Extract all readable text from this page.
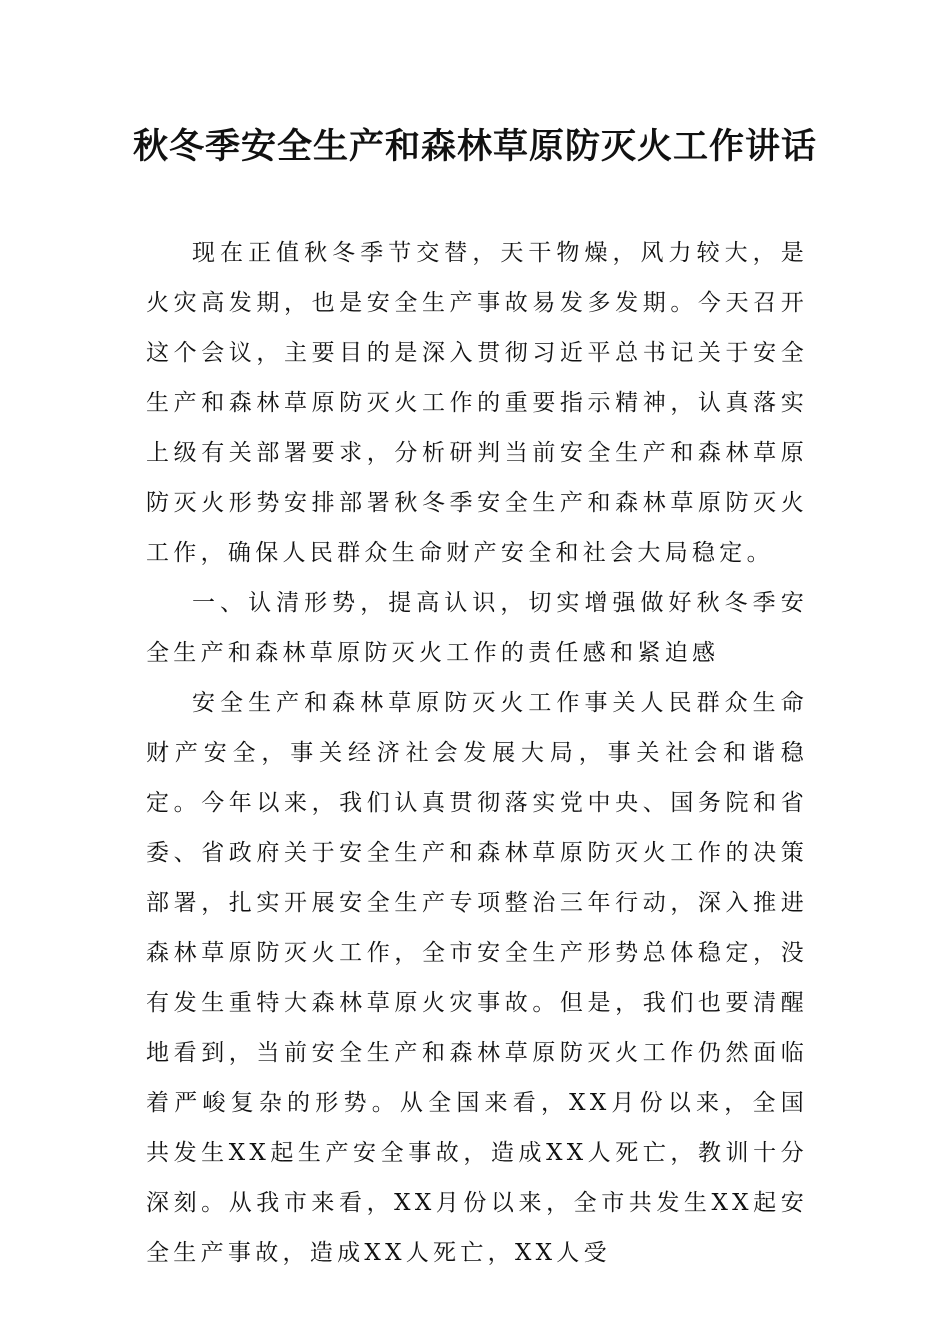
秋冬季安全生产和森林草原防灭火工作讲话

现在正值秋冬季节交替，天干物燥，风力较大，是火灾高发期，也是安全生产事故易发多发期。今天召开这个会议，主要目的是深入贯彻习近平总书记关于安全生产和森林草原防灭火工作的重要指示精神，认真落实上级有关部署要求，分析研判当前安全生产和森林草原防灭火形势安排部署秋冬季安全生产和森林草原防灭火工作，确保人民群众生命财产安全和社会大局稳定。

一、认清形势，提高认识，切实增强做好秋冬季安全生产和森林草原防灭火工作的责任感和紧迫感

安全生产和森林草原防灭火工作事关人民群众生命财产安全，事关经济社会发展大局，事关社会和谐稳定。今年以来，我们认真贯彻落实党中央、国务院和省委、省政府关于安全生产和森林草原防灭火工作的决策部署，扎实开展安全生产专项整治三年行动，深入推进森林草原防灭火工作，全市安全生产形势总体稳定，没有发生重特大森林草原火灾事故。但是，我们也要清醒地看到，当前安全生产和森林草原防灭火工作仍然面临着严峻复杂的形势。从全国来看，XX月份以来，全国共发生XX起生产安全事故，造成XX人死亡，教训十分深刻。从我市来看，XX月份以来，全市共发生XX起安全生产事故，造成XX人死亡，XX人受
